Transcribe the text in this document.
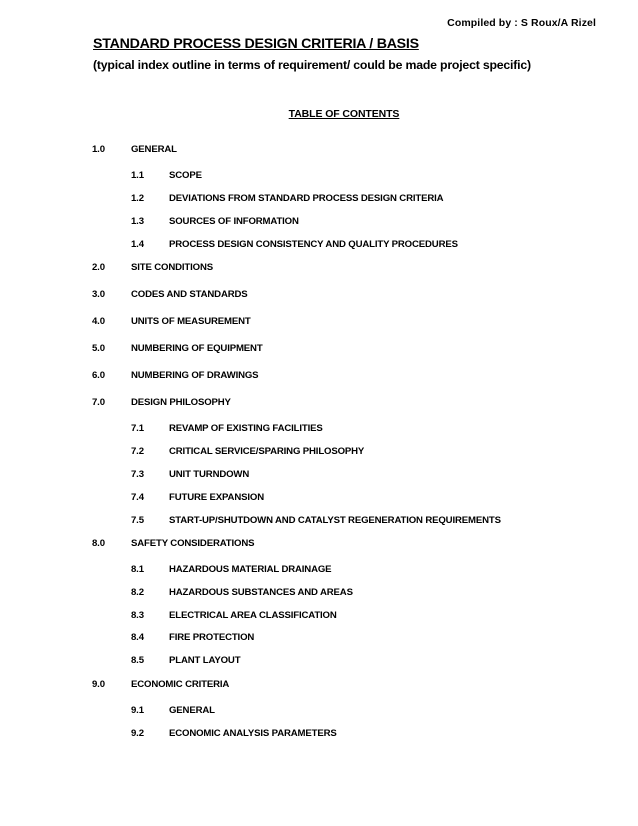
Compiled by : S Roux/A Rizel
STANDARD PROCESS DESIGN CRITERIA / BASIS
(typical index outline in terms of requirement/ could be made project specific)
TABLE OF CONTENTS
1.0	GENERAL
1.1	SCOPE
1.2	DEVIATIONS FROM STANDARD PROCESS DESIGN CRITERIA
1.3	SOURCES OF INFORMATION
1.4	PROCESS DESIGN CONSISTENCY AND QUALITY PROCEDURES
2.0	SITE CONDITIONS
3.0	CODES AND STANDARDS
4.0	UNITS OF MEASUREMENT
5.0	NUMBERING OF EQUIPMENT
6.0	NUMBERING OF DRAWINGS
7.0	DESIGN PHILOSOPHY
7.1	REVAMP OF EXISTING FACILITIES
7.2	CRITICAL SERVICE/SPARING PHILOSOPHY
7.3	UNIT TURNDOWN
7.4	FUTURE EXPANSION
7.5	START-UP/SHUTDOWN AND CATALYST REGENERATION REQUIREMENTS
8.0	SAFETY CONSIDERATIONS
8.1	HAZARDOUS MATERIAL DRAINAGE
8.2	HAZARDOUS SUBSTANCES AND AREAS
8.3	ELECTRICAL AREA CLASSIFICATION
8.4	FIRE PROTECTION
8.5	PLANT LAYOUT
9.0	ECONOMIC CRITERIA
9.1	GENERAL
9.2	ECONOMIC ANALYSIS PARAMETERS
